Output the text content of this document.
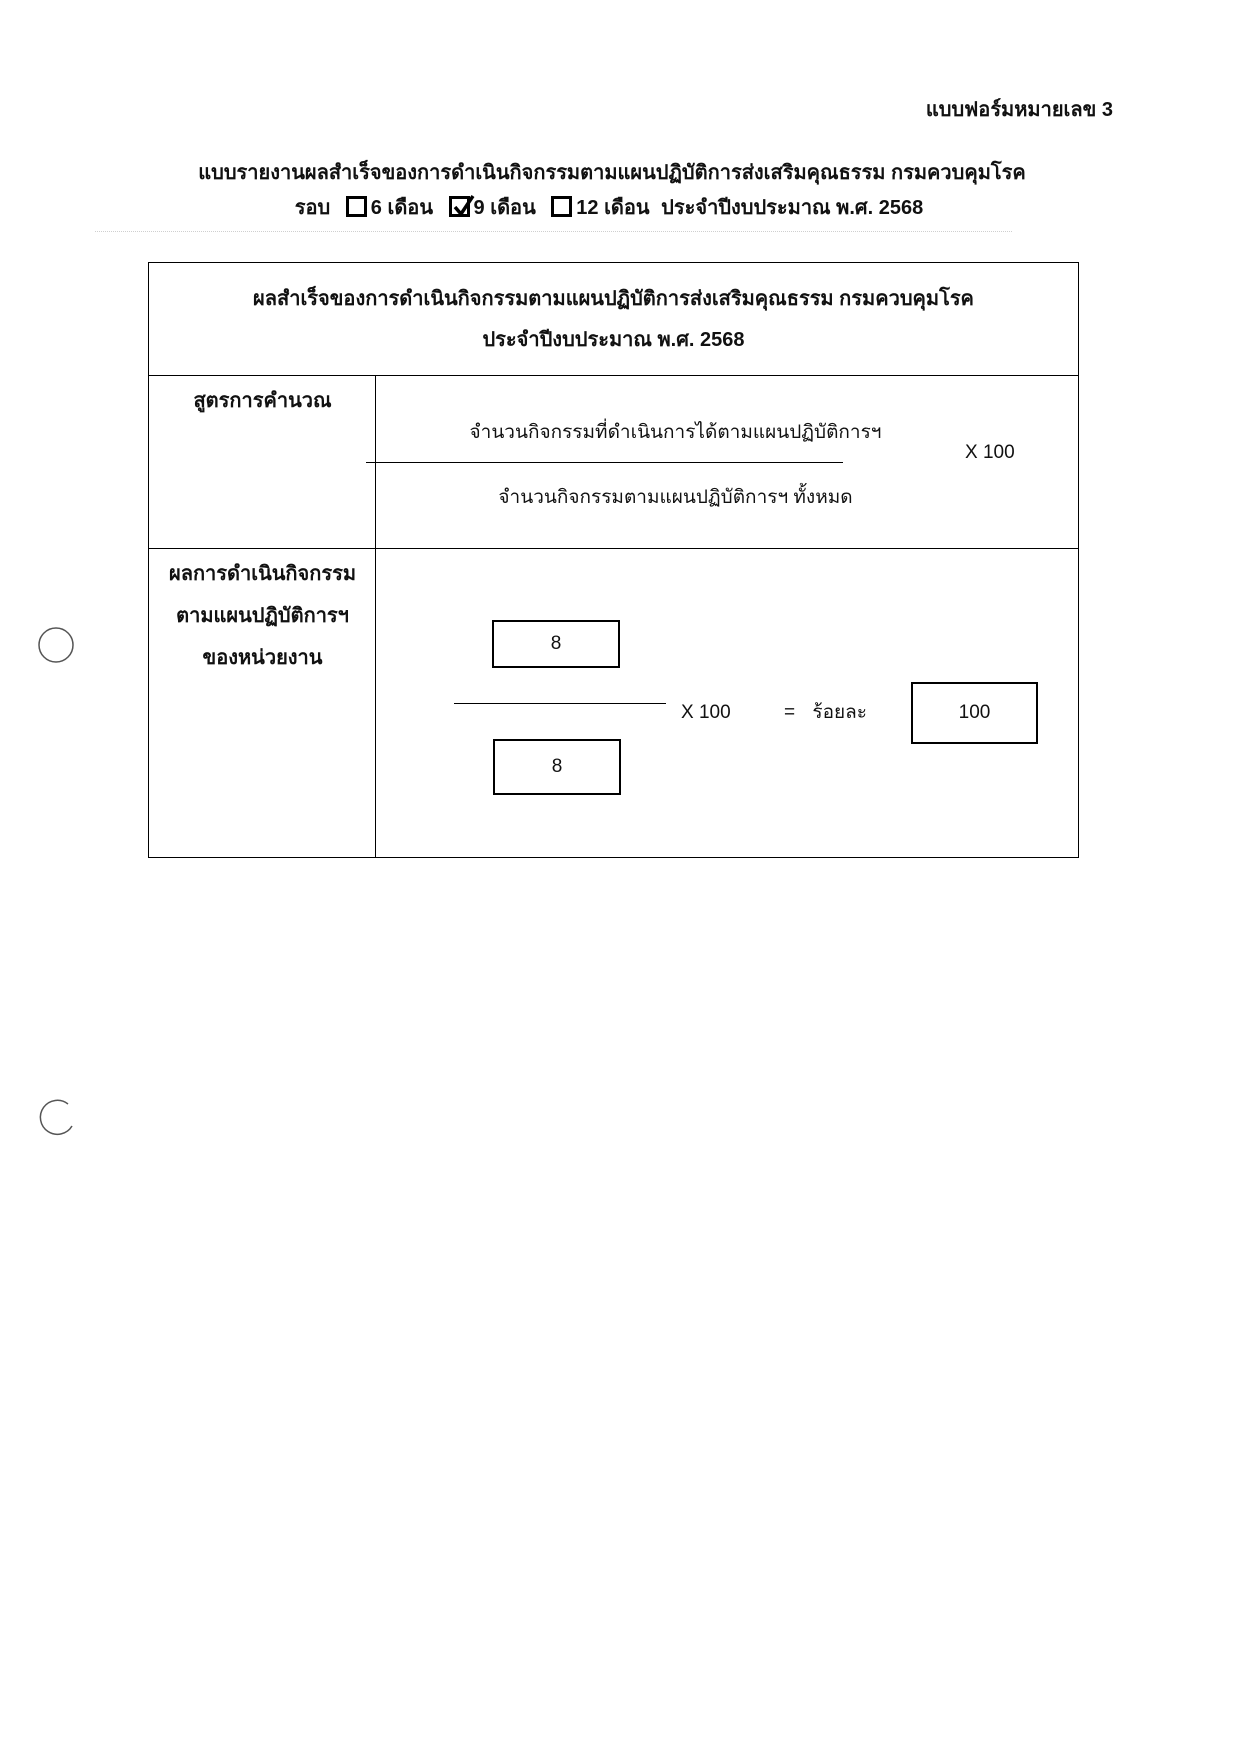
แบบฟอร์มหมายเลข 3
แบบรายงานผลสำเร็จของการดำเนินกิจกรรมตามแผนปฏิบัติการส่งเสริมคุณธรรม กรมควบคุมโรค
รอบ 6 เดือน 9 เดือน 12 เดือน ประจำปีงบประมาณ พ.ศ. 2568
ผลสำเร็จของการดำเนินกิจกรรมตามแผนปฏิบัติการส่งเสริมคุณธรรม กรมควบคุมโรค
ประจำปีงบประมาณ พ.ศ. 2568
สูตรการคำนวณ
จำนวนกิจกรรมที่ดำเนินการได้ตามแผนปฏิบัติการฯ
จำนวนกิจกรรมตามแผนปฏิบัติการฯ ทั้งหมด
X 100
ผลการดำเนินกิจกรรม
ตามแผนปฏิบัติการฯ
ของหน่วยงาน
8
8
X 100	= ร้อยละ	100
